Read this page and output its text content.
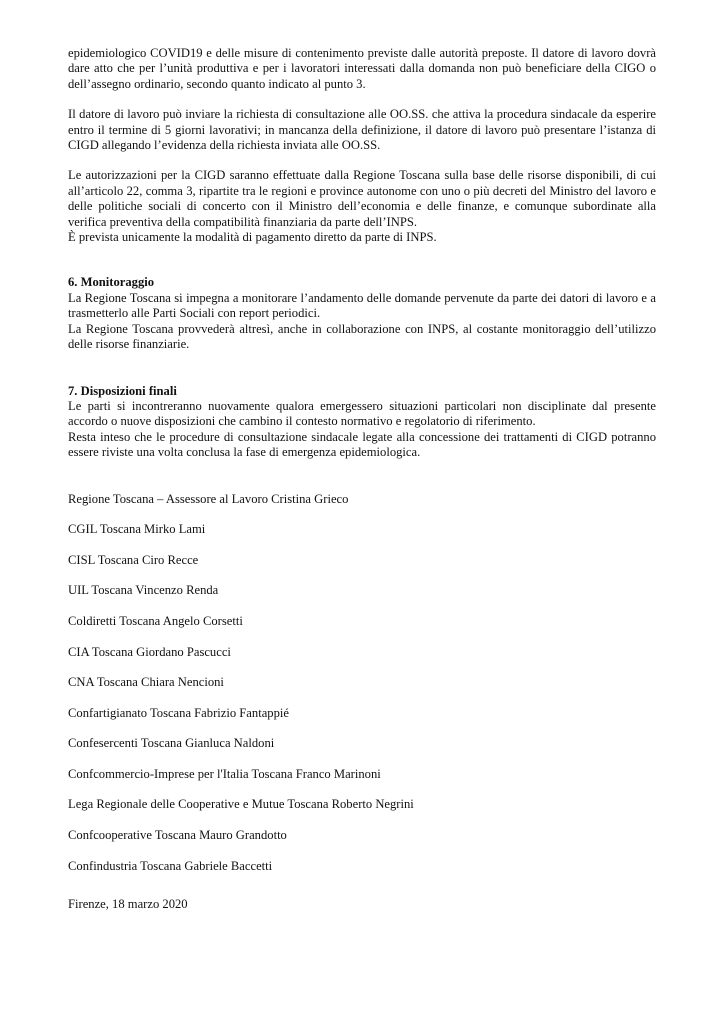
epidemiologico COVID19 e delle misure di contenimento previste dalle autorità preposte. Il datore di lavoro dovrà dare atto che per l’unità produttiva e per i lavoratori interessati dalla domanda non può beneficiare della CIGO o dell’assegno ordinario, secondo quanto indicato al punto 3.

Il datore di lavoro può inviare la richiesta di consultazione alle OO.SS. che attiva la procedura sindacale da esperire entro il termine di 5 giorni lavorativi; in mancanza della definizione, il datore di lavoro può presentare l’istanza di CIGD allegando l’evidenza della richiesta inviata alle OO.SS.

Le autorizzazioni per la CIGD saranno effettuate dalla Regione Toscana sulla base delle risorse disponibili, di cui all’articolo 22, comma 3, ripartite tra le regioni e province autonome con uno o più decreti del Ministro del lavoro e delle politiche sociali di concerto con il Ministro dell’economia e delle finanze, e comunque subordinate alla verifica preventiva della compatibilità finanziaria da parte dell’INPS.

È prevista unicamente la modalità di pagamento diretto da parte di INPS.

6. Monitoraggio

La Regione Toscana si impegna a monitorare l’andamento delle domande pervenute da parte dei datori di lavoro e a trasmetterlo alle Parti Sociali con report periodici.

La Regione Toscana provvederà altresì, anche in collaborazione con INPS, al costante monitoraggio dell’utilizzo delle risorse finanziarie.

7. Disposizioni finali

Le parti si incontreranno nuovamente qualora emergessero situazioni particolari non disciplinate dal presente accordo o nuove disposizioni che cambino il contesto normativo e regolatorio di riferimento.

Resta inteso che le procedure di consultazione sindacale legate alla concessione dei trattamenti di CIGD potranno essere riviste una volta conclusa la fase di emergenza epidemiologica.

Regione Toscana – Assessore al Lavoro Cristina Grieco
CGIL Toscana Mirko Lami
CISL Toscana Ciro Recce
UIL Toscana Vincenzo Renda
Coldiretti Toscana Angelo Corsetti
CIA Toscana Giordano Pascucci
CNA Toscana Chiara Nencioni
Confartigianato Toscana Fabrizio Fantappié
Confesercenti Toscana Gianluca Naldoni
Confcommercio-Imprese per l'Italia Toscana Franco Marinoni
Lega Regionale delle Cooperative e Mutue Toscana Roberto Negrini
Confcooperative Toscana Mauro Grandotto
Confindustria Toscana Gabriele Baccetti

Firenze, 18 marzo 2020
